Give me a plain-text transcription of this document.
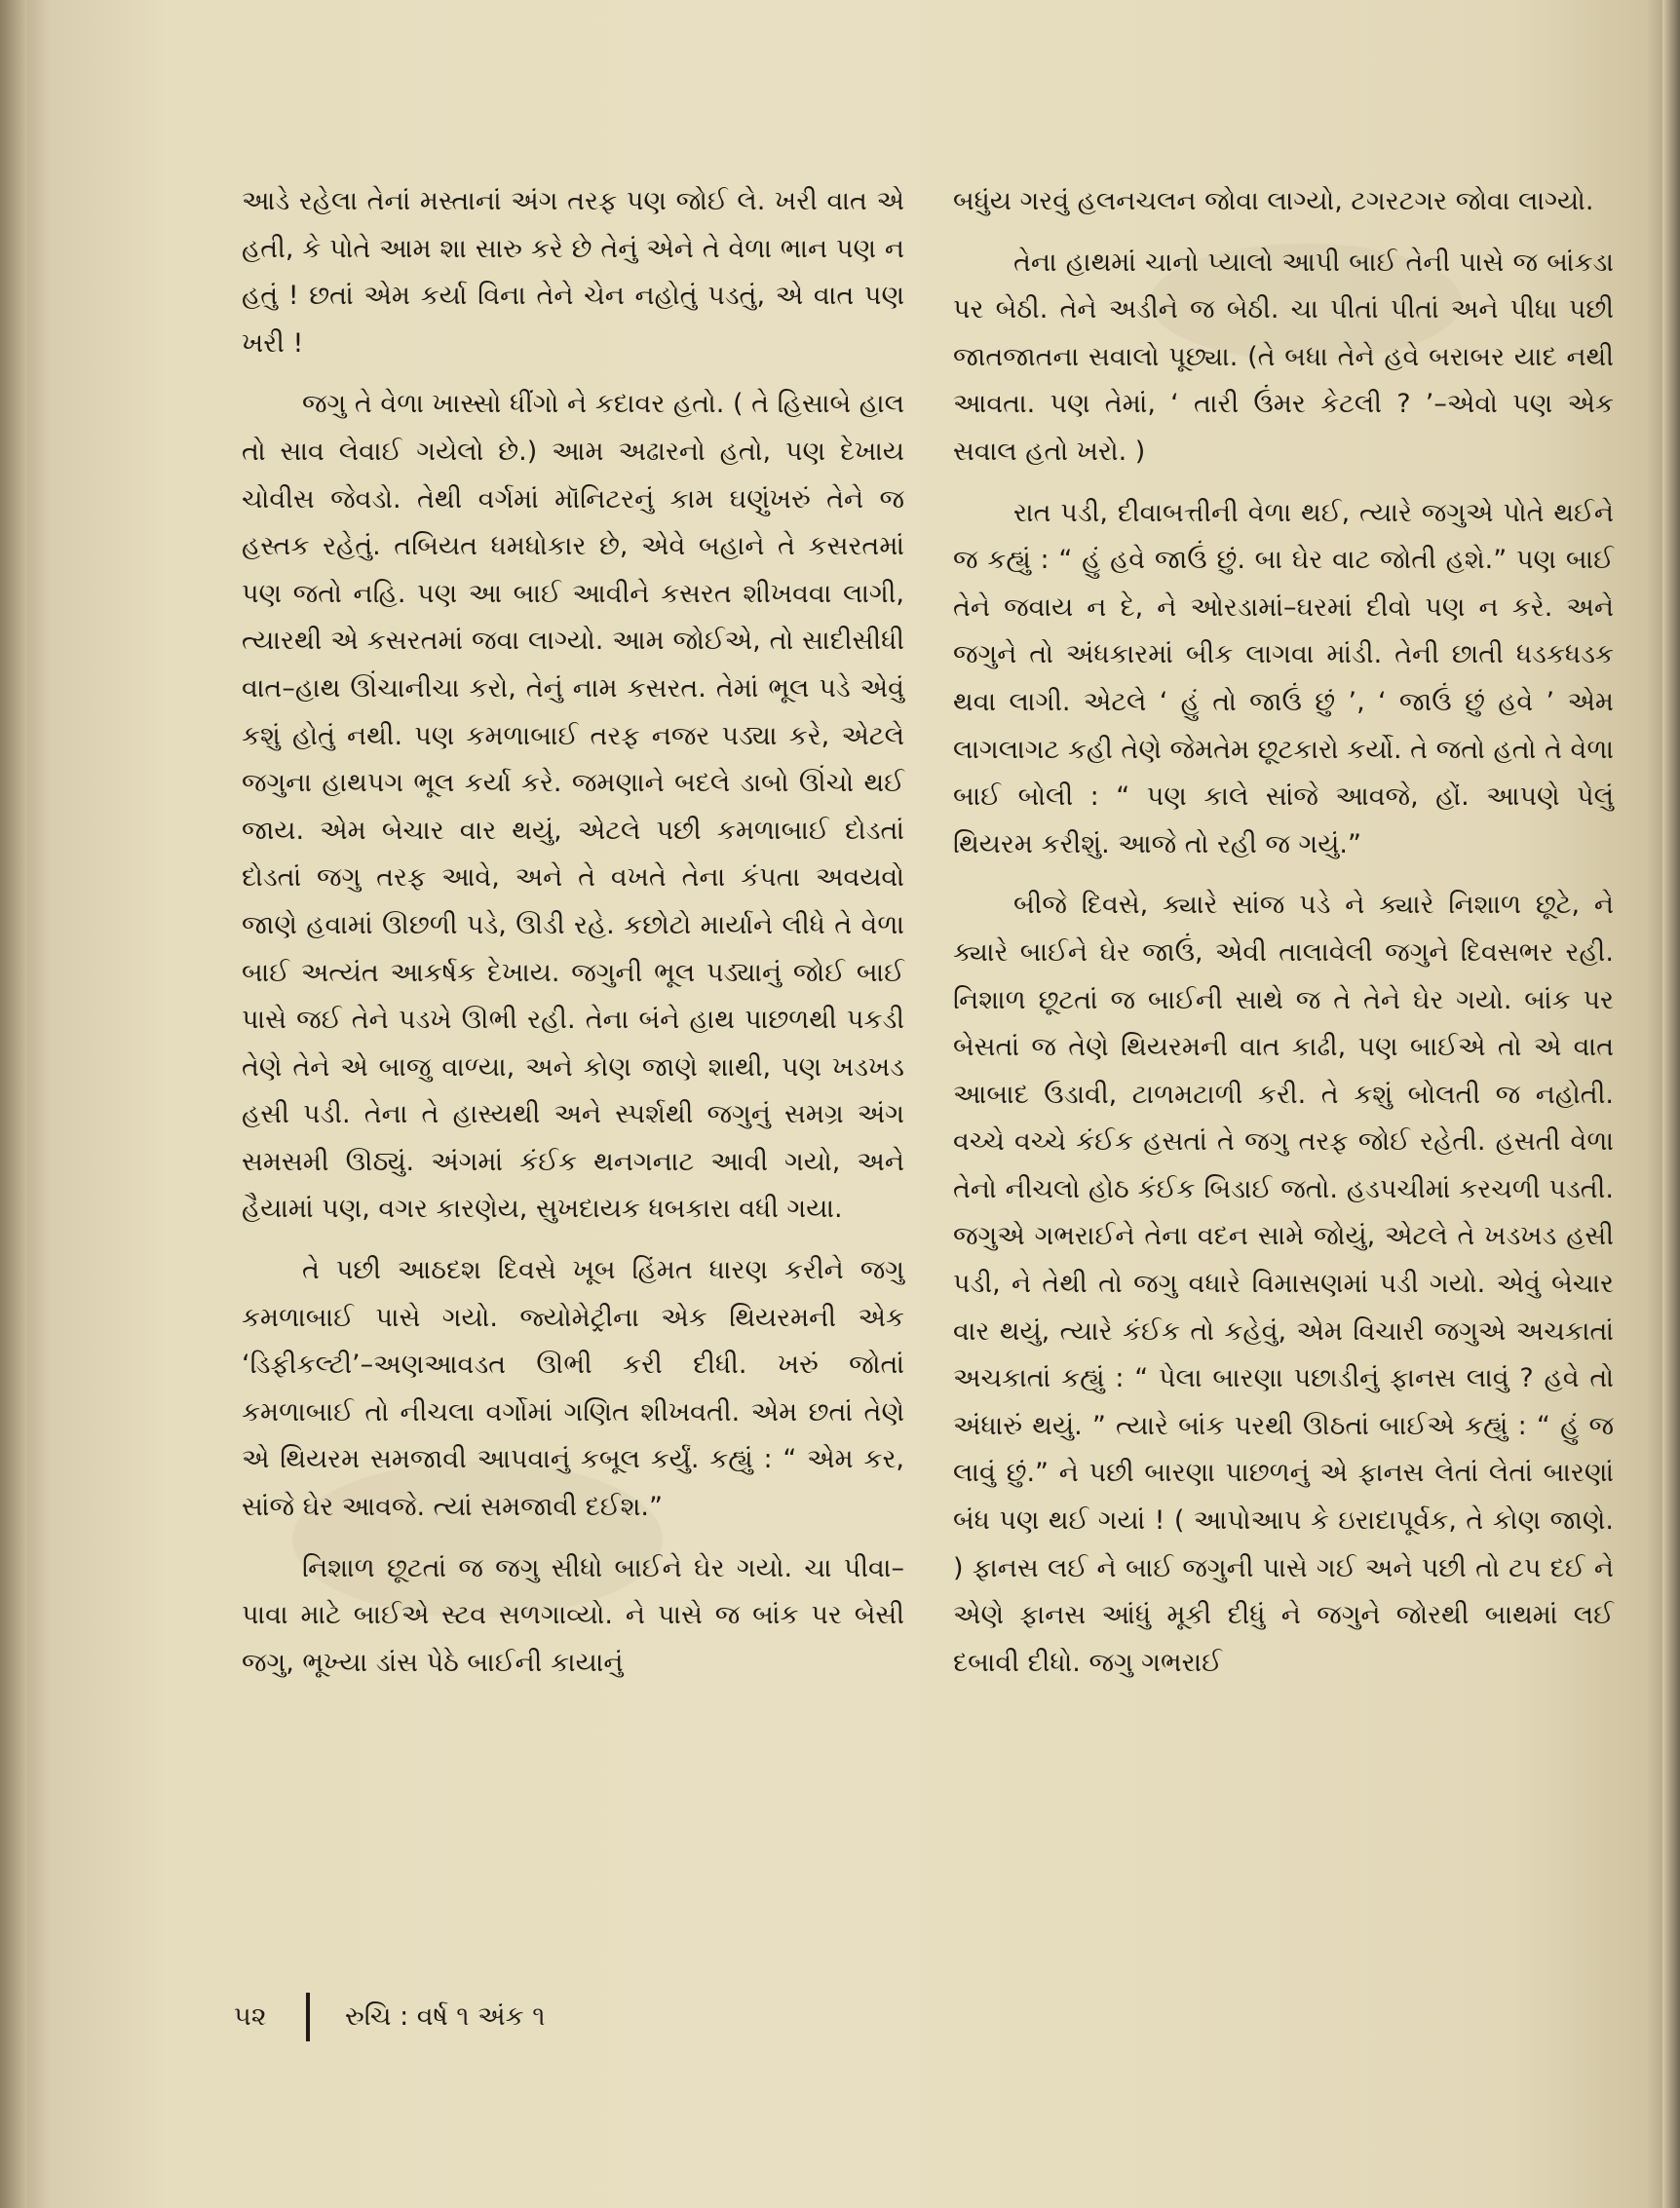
આડે રહેલા તેનાં મસ્તાનાં અંગ તરફ પણ જોઈ લે. ખરી વાત એ હતી, કે પોતે આમ શા સારુ કરે છે તેનું એને તે વેળા ભાન પણ ન હતું ! છતાં એમ કર્યા વિના તેને ચેન નહોતું પડતું, એ વાત પણ ખરી !

જગુ તે વેળા ખાસ્સો ધીંગો ને કદાવર હતો. ( તે હિસાબે હાલ તો સાવ લેવાઈ ગયેલો છે.) આમ અઢારનો હતો, પણ દેખાય ચોવીસ જેવડો. તેથી વર્ગમાં મૉનિટરનું કામ ઘણુંખરું તેને જ હસ્તક રહેતું. તબિયત ધમધોકાર છે, એવે બહાને તે કસરતમાં પણ જતો નહિ. પણ આ બાઈ આવીને કસરત શીખવવા લાગી, ત્યારથી એ કસરતમાં જવા લાગ્યો. આમ જોઈએ, તો સાદીસીધી વાત–હાથ ઊંચાનીચા કરો, તેનું નામ કસરત. તેમાં ભૂલ પડે એવું કશું હોતું નથી. પણ કમળાબાઈ તરફ નજર પડ્યા કરે, એટલે જગુના હાથપગ ભૂલ કર્યા કરે. જમણાને બદલે ડાબો ઊંચો થઈ જાય. એમ બેચાર વાર થયું, એટલે પછી કમળાબાઈ દોડતાં દોડતાં જગુ તરફ આવે, અને તે વખતે તેના કંપતા અવયવો જાણે હવામાં ઊછળી પડે, ઊડી રહે. કછોટો માર્યાને લીધે તે વેળા બાઈ અત્યંત આકર્ષક દેખાય. જગુની ભૂલ પડ્યાનું જોઈ બાઈ પાસે જઈ તેને પડખે ઊભી રહી. તેના બંને હાથ પાછળથી પકડી તેણે તેને એ બાજુ વાળ્યા, અને કોણ જાણે શાથી, પણ ખડખડ હસી પડી. તેના તે હાસ્યથી અને સ્પર્શથી જગુનું સમગ્ર અંગ સમસમી ઊઠ્યું. અંગમાં કંઈક થનગનાટ આવી ગયો, અને હૈયામાં પણ, વગર કારણેય, સુખદાયક ધબકારા વધી ગયા.

તે પછી આઠદશ દિવસે ખૂબ હિંમત ધારણ કરીને જગુ કમળાબાઈ પાસે ગયો. જ્યોમેટ્રીના એક થિયરમની એક ‘ડિફીકલ્ટી’–અણઆવડત ઊભી કરી દીધી. ખરું જોતાં કમળાબાઈ તો નીચલા વર્ગોમાં ગણિત શીખવતી. એમ છતાં તેણે એ થિયરમ સમજાવી આપવાનું કબૂલ કર્યું. કહ્યું : “ એમ કર, સાંજે ઘેર આવજે. ત્યાં સમજાવી દઈશ.”

નિશાળ છૂટતાં જ જગુ સીધો બાઈને ઘેર ગયો. ચા પીવા–પાવા માટે બાઈએ સ્ટવ સળગાવ્યો. ને પાસે જ બાંક પર બેસી જગુ, ભૂખ્યા ડાંસ પેઠે બાઈની કાયાનું

બધુંય ગરવું હલનચલન જોવા લાગ્યો, ટગરટગર જોવા લાગ્યો.

તેના હાથમાં ચાનો પ્યાલો આપી બાઈ તેની પાસે જ બાંકડા પર બેઠી. તેને અડીને જ બેઠી. ચા પીતાં પીતાં અને પીધા પછી જાતજાતના સવાલો પૂછ્યા. (તે બધા તેને હવે બરાબર યાદ નથી આવતા. પણ તેમાં, ‘ તારી ઉંમર કેટલી ? ’–એવો પણ એક સવાલ હતો ખરો. )

રાત પડી, દીવાબત્તીની વેળા થઈ, ત્યારે જગુએ પોતે થઈને જ કહ્યું : “ હું હવે જાઉં છું. બા ઘેર વાટ જોતી હશે.” પણ બાઈ તેને જવાય ન દે, ને ઓરડામાં–ઘરમાં દીવો પણ ન કરે. અને જગુને તો અંધકારમાં બીક લાગવા માંડી. તેની છાતી ધડકધડક થવા લાગી. એટલે ‘ હું તો જાઉં છું ’, ‘ જાઉં છું હવે ’ એમ લાગલાગટ કહી તેણે જેમતેમ છૂટકારો કર્યો. તે જતો હતો તે વેળા બાઈ બોલી : “ પણ કાલે સાંજે આવજે, હોં. આપણે પેલું થિયરમ કરીશું. આજે તો રહી જ ગયું.”

બીજે દિવસે, ક્યારે સાંજ પડે ને ક્યારે નિશાળ છૂટે, ને ક્યારે બાઈને ઘેર જાઉં, એવી તાલાવેલી જગુને દિવસભર રહી. નિશાળ છૂટતાં જ બાઈની સાથે જ તે તેને ઘેર ગયો. બાંક પર બેસતાં જ તેણે થિયરમની વાત કાઢી, પણ બાઈએ તો એ વાત આબાદ ઉડાવી, ટાળમટાળી કરી. તે કશું બોલતી જ નહોતી. વચ્ચે વચ્ચે કંઈક હસતાં તે જગુ તરફ જોઈ રહેતી. હસતી વેળા તેનો નીચલો હોઠ કંઈક બિડાઈ જતો. હડપચીમાં કરચળી પડતી. જગુએ ગભરાઈને તેના વદન સામે જોયું, એટલે તે ખડખડ હસી પડી, ને તેથી તો જગુ વધારે વિમાસણમાં પડી ગયો. એવું બેચાર વાર થયું, ત્યારે કંઈક તો કહેવું, એમ વિચારી જગુએ અચકાતાં અચકાતાં કહ્યું : “ પેલા બારણા પછાડીનું ફાનસ લાવું ? હવે તો અંધારું થયું. ” ત્યારે બાંક પરથી ઊઠતાં બાઈએ કહ્યું : “ હું જ લાવું છું.” ને પછી બારણા પાછળનું એ ફાનસ લેતાં લેતાં બારણાં બંધ પણ થઈ ગયાં ! ( આપોઆપ કે ઇરાદાપૂર્વક, તે કોણ જાણે. ) ફાનસ લઈ ને બાઈ જગુની પાસે ગઈ અને પછી તો ટપ દઈ ને એણે ફાનસ આંધું મૂકી દીધું ને જગુને જોરથી બાથમાં લઈ દબાવી દીધો. જગુ ગભરાઈ

૫૨	રુચિ : વર્ષ ૧ અંક ૧
